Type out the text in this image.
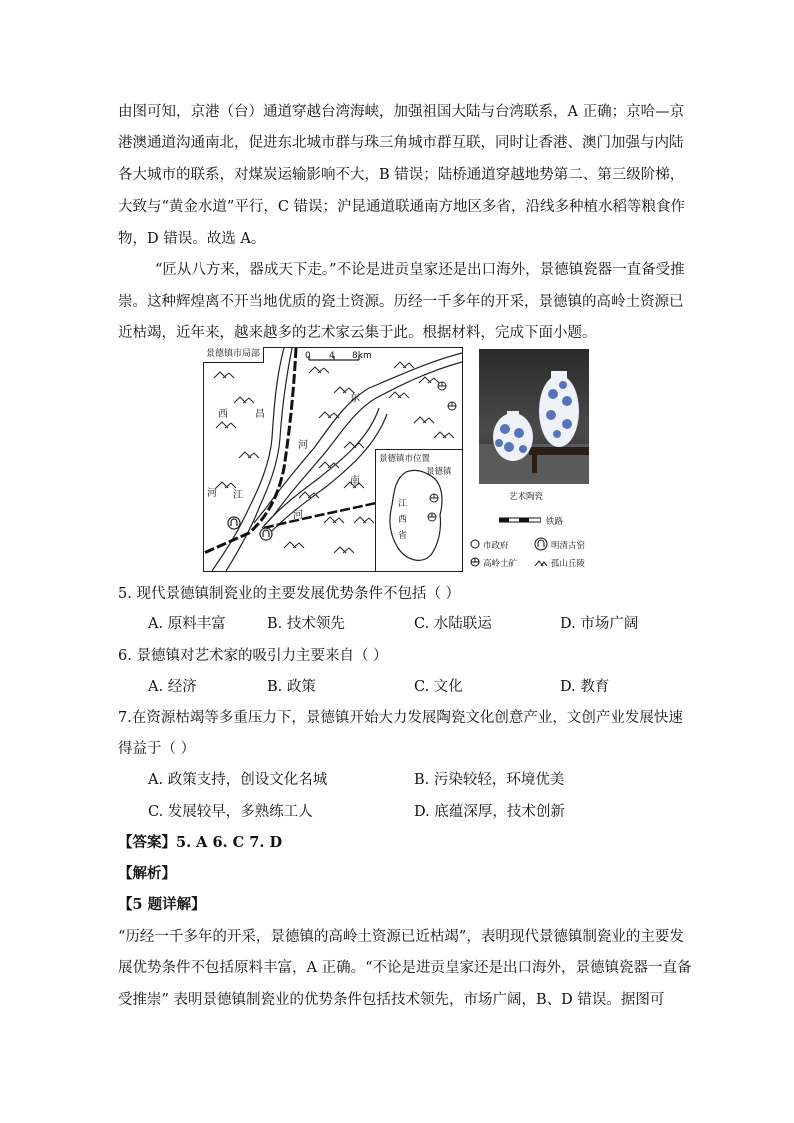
由图可知，京港（台）通道穿越台湾海峡，加强祖国大陆与台湾联系，A 正确；京哈—京
港澳通道沟通南北，促进东北城市群与珠三角城市群互联，同时让香港、澳门加强与内陆
各大城市的联系，对煤炭运输影响不大，B 错误；陆桥通道穿越地势第二、第三级阶梯，
大致与“黄金水道”平行，C 错误；沪昆通道联通南方地区多省，沿线多种植水稻等粮食作
物，D 错误。故选 A。
“匠从八方来，器成天下走。”不论是进贡皇家还是出口海外，景德镇瓷器一直备受推
崇。这种辉煌离不开当地优质的瓷土资源。历经一千多年的开采，景德镇的高岭土资源已
近枯竭，近年来，越来越多的艺术家云集于此。根据材料，完成下面小题。
景德镇市局部	0 4 8km
西	昌
河 江
东
河
南
河
景德镇市位置
景德镇
江
西
省
艺术陶瓷
铁路
市政府	明清古窑
高岭土矿	孤山丘陵
5. 现代景德镇制瓷业的主要发展优势条件不包括（ ）
A. 原料丰富	B. 技术领先	C. 水陆联运	D. 市场广阔
6. 景德镇对艺术家的吸引力主要来自（ ）
A. 经济	B. 政策	C. 文化	D. 教育
7.在资源枯竭等多重压力下，景德镇开始大力发展陶瓷文化创意产业，文创产业发展快速
得益于（ ）
A. 政策支持，创设文化名城	B. 污染较轻，环境优美
C. 发展较早，多熟练工人	D. 底蕴深厚，技术创新
【答案】5. A 6. C 7. D
【解析】
【5 题详解】
“历经一千多年的开采，景德镇的高岭土资源已近枯竭”，表明现代景德镇制瓷业的主要发
展优势条件不包括原料丰富，A 正确。“不论是进贡皇家还是出口海外，景德镇瓷器一直备
受推崇” 表明景德镇制瓷业的优势条件包括技术领先，市场广阔，B、D 错误。据图可
